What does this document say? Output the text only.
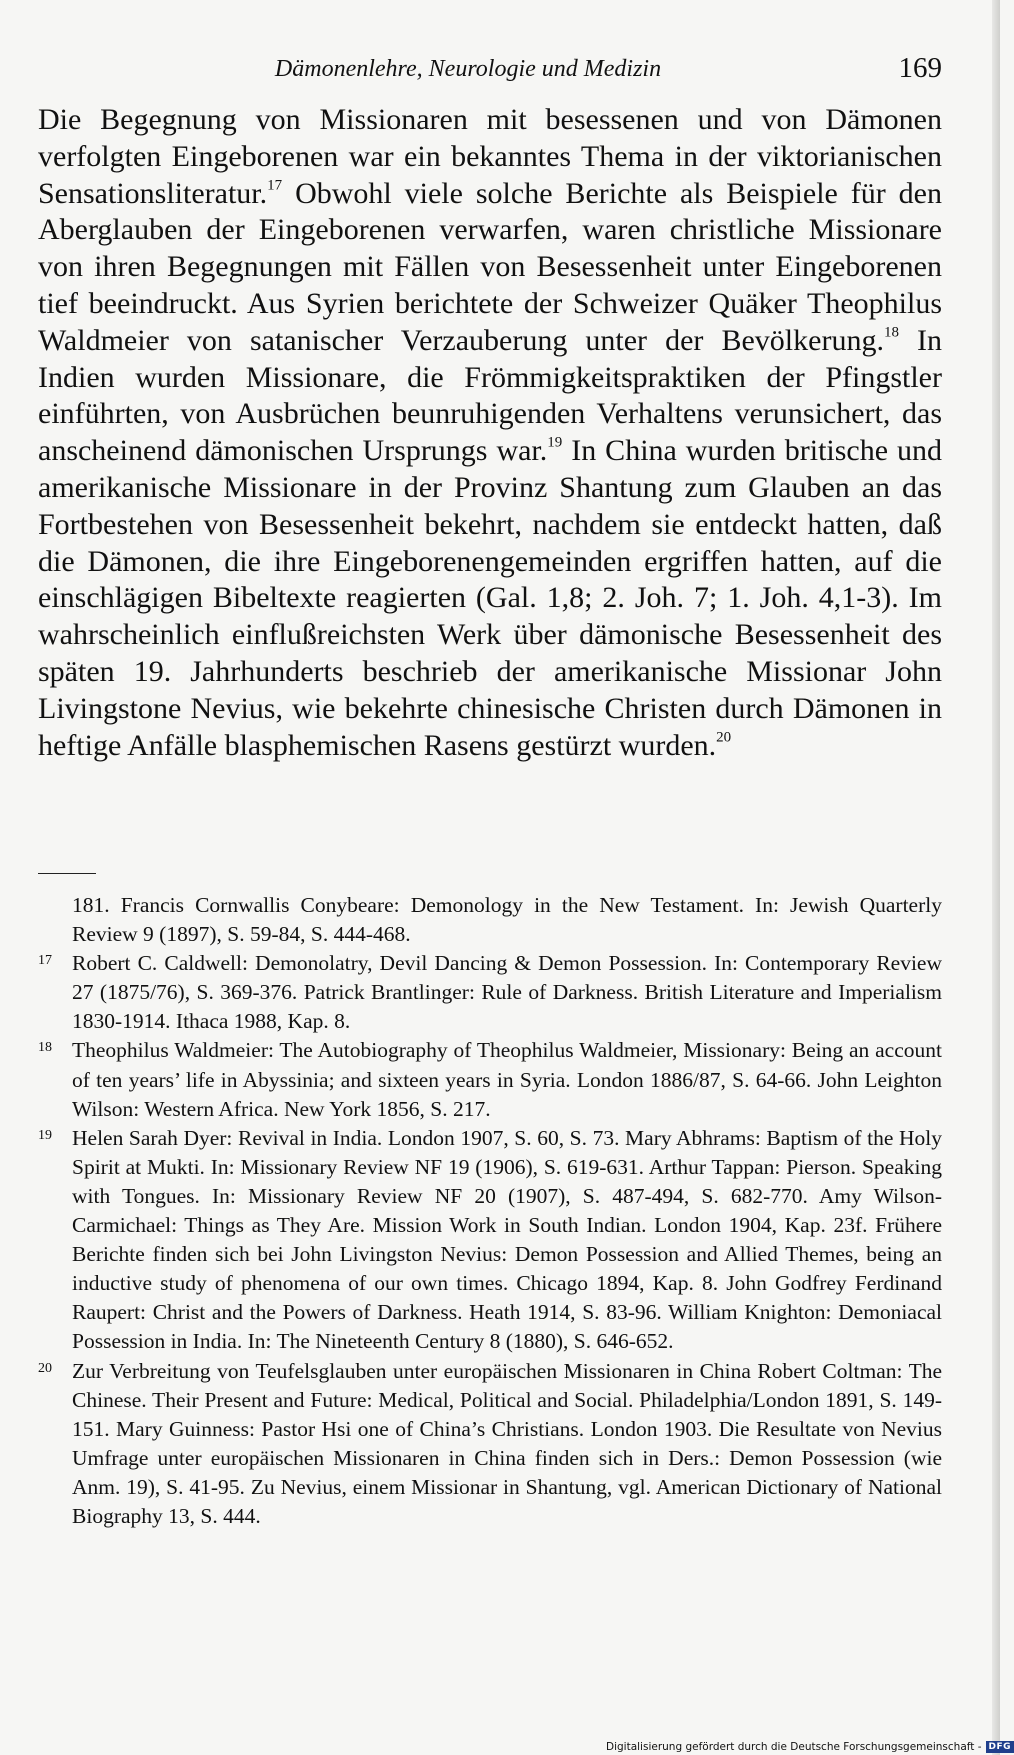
Dämonenlehre, Neurologie und Medizin	169

Die Begegnung von Missionaren mit besessenen und von Dämonen verfolgten Eingeborenen war ein bekanntes Thema in der viktorianischen Sensationsliteratur.$^{17}$ Obwohl viele solche Berichte als Beispiele für den Aberglauben der Eingeborenen verwarfen, waren christliche Missionare von ihren Begegnungen mit Fällen von Besessenheit unter Eingeborenen tief beeindruckt. Aus Syrien berichtete der Schweizer Quäker Theophilus Waldmeier von satanischer Verzauberung unter der Bevölkerung.$^{18}$ In Indien wurden Missionare, die Frömmigkeitspraktiken der Pfingstler einführten, von Ausbrüchen beunruhigenden Verhaltens verunsichert, das anscheinend dämonischen Ursprungs war.$^{19}$ In China wurden britische und amerikanische Missionare in der Provinz Shantung zum Glauben an das Fortbestehen von Besessenheit bekehrt, nachdem sie entdeckt hatten, daß die Dämonen, die ihre Eingeborenengemeinden ergriffen hatten, auf die einschlägigen Bibeltexte reagierten (Gal. 1,8; 2. Joh. 7; 1. Joh. 4,1-3). Im wahrscheinlich einflußreichsten Werk über dämonische Besessenheit des späten 19. Jahrhunderts beschrieb der amerikanische Missionar John Livingstone Nevius, wie bekehrte chinesische Christen durch Dämonen in heftige Anfälle blasphemischen Rasens gestürzt wurden.$^{20}$

181. Francis Cornwallis Conybeare: Demonology in the New Testament. In: Jewish Quarterly Review 9 (1897), S. 59-84, S. 444-468.

17 Robert C. Caldwell: Demonolatry, Devil Dancing & Demon Possession. In: Contemporary Review 27 (1875/76), S. 369-376. Patrick Brantlinger: Rule of Darkness. British Literature and Imperialism 1830-1914. Ithaca 1988, Kap. 8.

18 Theophilus Waldmeier: The Autobiography of Theophilus Waldmeier, Missionary: Being an account of ten years’ life in Abyssinia; and sixteen years in Syria. London 1886/87, S. 64-66. John Leighton Wilson: Western Africa. New York 1856, S. 217.

19 Helen Sarah Dyer: Revival in India. London 1907, S. 60, S. 73. Mary Abhrams: Baptism of the Holy Spirit at Mukti. In: Missionary Review NF 19 (1906), S. 619-631. Arthur Tappan: Pierson. Speaking with Tongues. In: Missionary Review NF 20 (1907), S. 487-494, S. 682-770. Amy Wilson-Carmichael: Things as They Are. Mission Work in South Indian. London 1904, Kap. 23f. Frühere Berichte finden sich bei John Livingston Nevius: Demon Possession and Allied Themes, being an inductive study of phenomena of our own times. Chicago 1894, Kap. 8. John Godfrey Ferdinand Raupert: Christ and the Powers of Darkness. Heath 1914, S. 83-96. William Knighton: Demoniacal Possession in India. In: The Nineteenth Century 8 (1880), S. 646-652.

20 Zur Verbreitung von Teufelsglauben unter europäischen Missionaren in China Robert Coltman: The Chinese. Their Present and Future: Medical, Political and Social. Philadelphia/London 1891, S. 149-151. Mary Guinness: Pastor Hsi one of China’s Christians. London 1903. Die Resultate von Nevius Umfrage unter europäischen Missionaren in China finden sich in Ders.: Demon Possession (wie Anm. 19), S. 41-95. Zu Nevius, einem Missionar in Shantung, vgl. American Dictionary of National Biography 13, S. 444.

Digitalisierung gefördert durch die Deutsche Forschungsgemeinschaft - DFG
